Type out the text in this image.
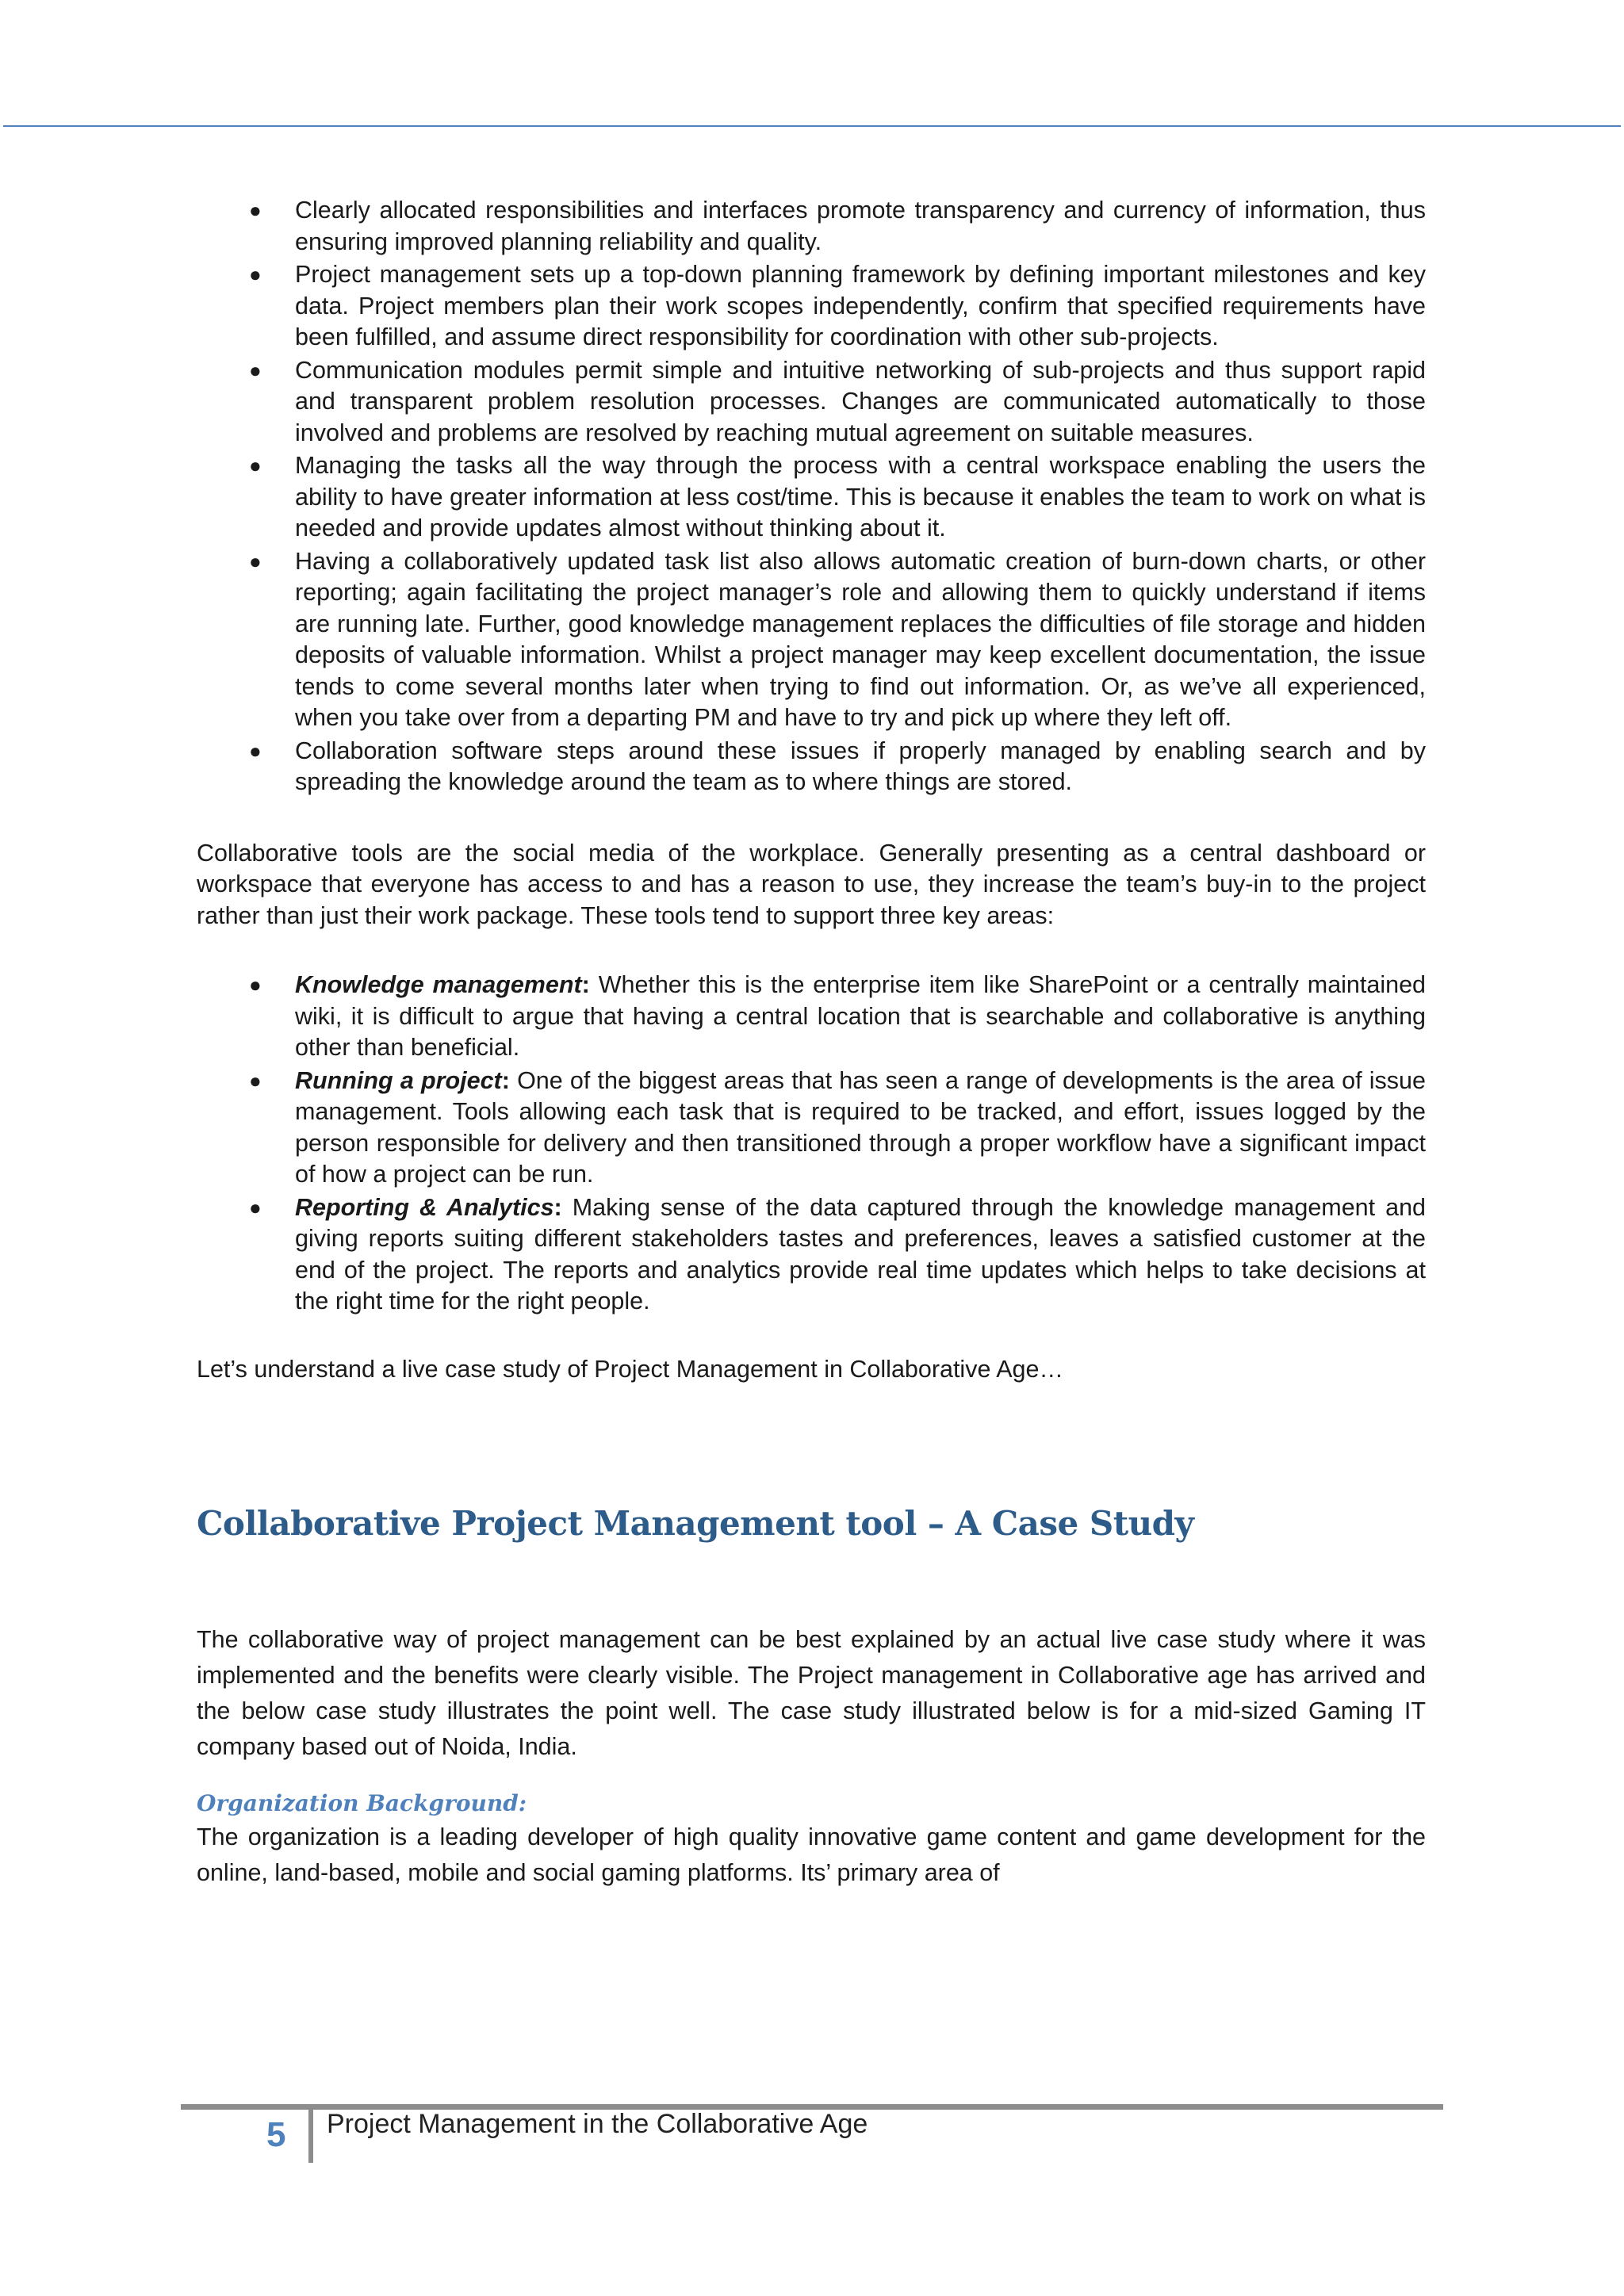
● Clearly allocated responsibilities and interfaces promote transparency and currency of information, thus ensuring improved planning reliability and quality.
● Project management sets up a top-down planning framework by defining important milestones and key data. Project members plan their work scopes independently, confirm that specified requirements have been fulfilled, and assume direct responsibility for coordination with other sub-projects.
● Communication modules permit simple and intuitive networking of sub-projects and thus support rapid and transparent problem resolution processes. Changes are communicated automatically to those involved and problems are resolved by reaching mutual agreement on suitable measures.
● Managing the tasks all the way through the process with a central workspace enabling the users the ability to have greater information at less cost/time. This is because it enables the team to work on what is needed and provide updates almost without thinking about it.
● Having a collaboratively updated task list also allows automatic creation of burn-down charts, or other reporting; again facilitating the project manager’s role and allowing them to quickly understand if items are running late. Further, good knowledge management replaces the difficulties of file storage and hidden deposits of valuable information. Whilst a project manager may keep excellent documentation, the issue tends to come several months later when trying to find out information. Or, as we’ve all experienced, when you take over from a departing PM and have to try and pick up where they left off.
● Collaboration software steps around these issues if properly managed by enabling search and by spreading the knowledge around the team as to where things are stored.

Collaborative tools are the social media of the workplace. Generally presenting as a central dashboard or workspace that everyone has access to and has a reason to use, they increase the team’s buy-in to the project rather than just their work package. These tools tend to support three key areas:

● Knowledge management: Whether this is the enterprise item like SharePoint or a centrally maintained wiki, it is difficult to argue that having a central location that is searchable and collaborative is anything other than beneficial.
● Running a project: One of the biggest areas that has seen a range of developments is the area of issue management. Tools allowing each task that is required to be tracked, and effort, issues logged by the person responsible for delivery and then transitioned through a proper workflow have a significant impact of how a project can be run.
● Reporting & Analytics: Making sense of the data captured through the knowledge management and giving reports suiting different stakeholders tastes and preferences, leaves a satisfied customer at the end of the project. The reports and analytics provide real time updates which helps to take decisions at the right time for the right people.

Let’s understand a live case study of Project Management in Collaborative Age…

Collaborative Project Management tool – A Case Study

The collaborative way of project management can be best explained by an actual live case study where it was implemented and the benefits were clearly visible. The Project management in Collaborative age has arrived and the below case study illustrates the point well. The case study illustrated below is for a mid-sized Gaming IT company based out of Noida, India.

Organization Background:

The organization is a leading developer of high quality innovative game content and game development for the online, land-based, mobile and social gaming platforms. Its’ primary area of

5 Project Management in the Collaborative Age
